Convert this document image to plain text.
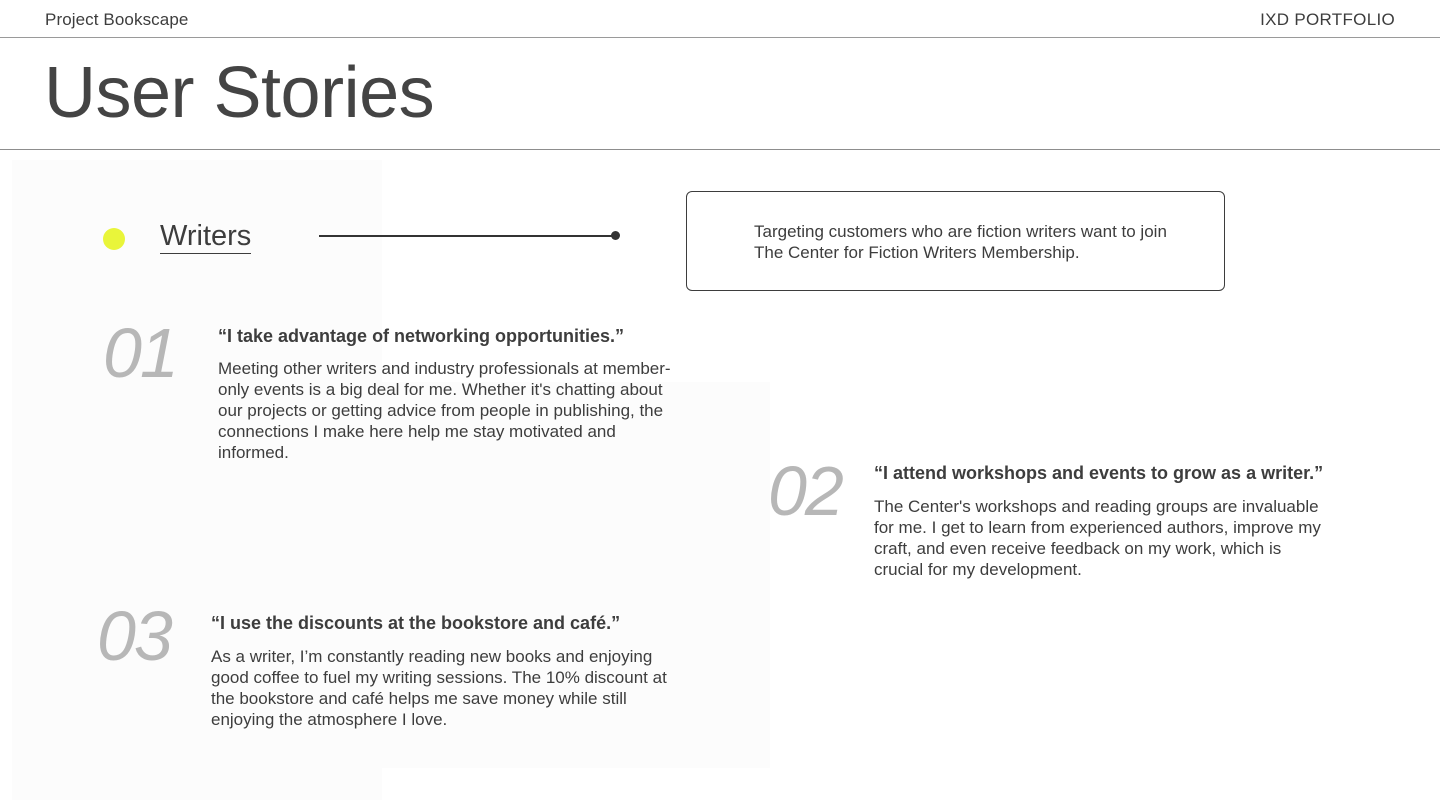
Project Bookscape	IXD PORTFOLIO
User Stories
Writers	Targeting customers who are fiction writers want to join The Center for Fiction Writers Membership.
01 “I take advantage of networking opportunities.”
Meeting other writers and industry professionals at member-only events is a big deal for me. Whether it's chatting about our projects or getting advice from people in publishing, the connections I make here help me stay motivated and informed.	02 “I attend workshops and events to grow as a writer.”
The Center's workshops and reading groups are invaluable for me. I get to learn from experienced authors, improve my craft, and even receive feedback on my work, which is crucial for my development.
03 “I use the discounts at the bookstore and café.”
As a writer, I’m constantly reading new books and enjoying good coffee to fuel my writing sessions. The 10% discount at the bookstore and café helps me save money while still enjoying the atmosphere I love.
